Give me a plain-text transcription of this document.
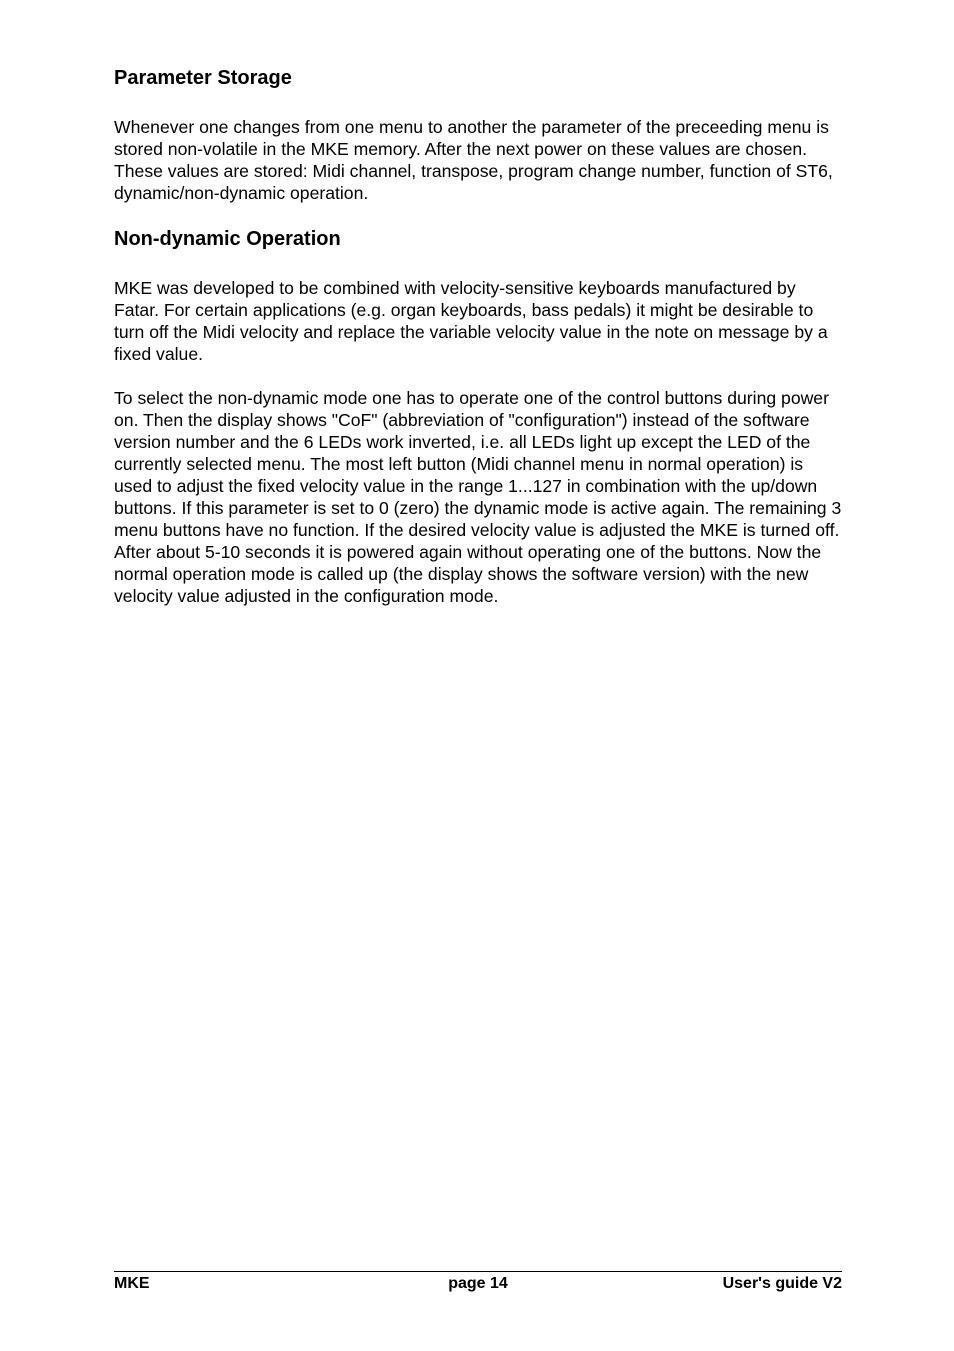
Parameter Storage

Whenever one changes from one menu to another the parameter of the preceeding menu is stored non-volatile in the MKE memory. After the next power on these values are chosen. These values are stored: Midi channel, transpose, program change number, function of ST6, dynamic/non-dynamic operation.

Non-dynamic Operation

MKE was developed to be combined with velocity-sensitive keyboards manufactured by Fatar. For certain applications (e.g. organ keyboards, bass pedals) it might be desirable to turn off the Midi velocity and replace the variable velocity value in the note on message by a fixed value.

To select the non-dynamic mode one has to operate one of the control buttons during power on. Then the display shows "CoF" (abbreviation of "configuration") instead of the software version number and the 6 LEDs work inverted, i.e. all LEDs light up except the LED of the currently selected menu. The most left button (Midi channel menu in normal operation) is used to adjust the fixed velocity value in the range 1...127 in combination with the up/down buttons. If this parameter is set to 0 (zero) the dynamic mode is active again. The remaining 3 menu buttons have no function. If the desired velocity value is adjusted the MKE is turned off. After about 5-10 seconds it is powered again without operating one of the buttons. Now the normal operation mode is called up (the display shows the software version) with the new velocity value adjusted in the configuration mode.

MKE	page 14	User's guide V2
